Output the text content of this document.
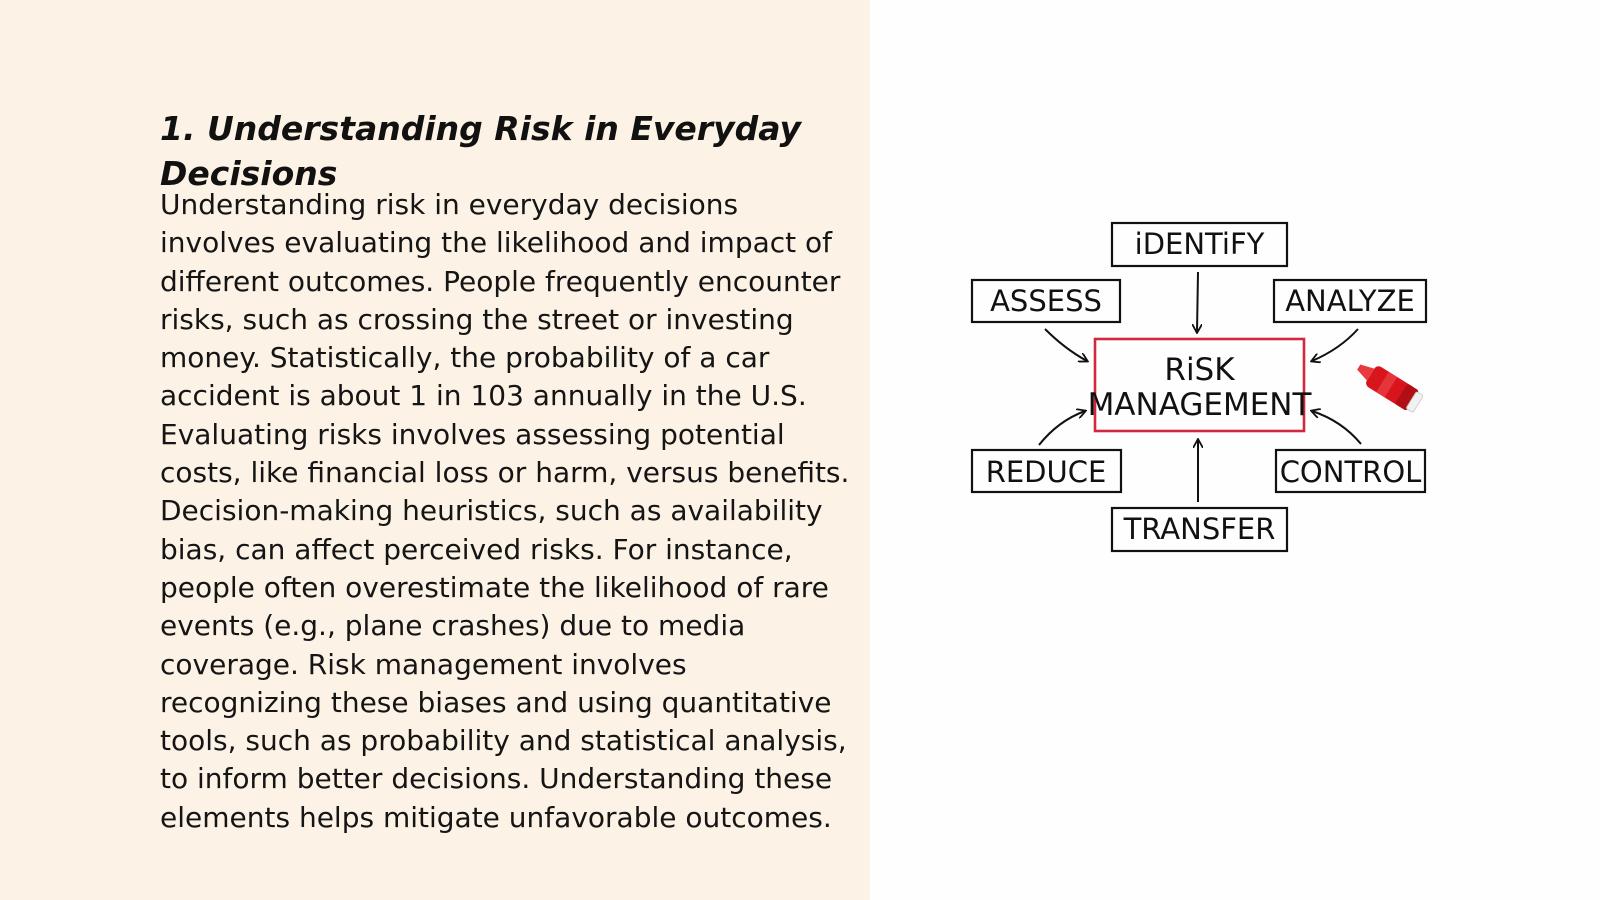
1. Understanding Risk in Everyday Decisions

Understanding risk in everyday decisions involves evaluating the likelihood and impact of different outcomes. People frequently encounter risks, such as crossing the street or investing money. Statistically, the probability of a car accident is about 1 in 103 annually in the U.S. Evaluating risks involves assessing potential costs, like financial loss or harm, versus benefits. Decision-making heuristics, such as availability bias, can affect perceived risks. For instance, people often overestimate the likelihood of rare events (e.g., plane crashes) due to media coverage. Risk management involves recognizing these biases and using quantitative tools, such as probability and statistical analysis, to inform better decisions. Understanding these elements helps mitigate unfavorable outcomes.

iDENTiFY
ASSESS	ANALYZE
RiSK
MANAGEMENT
REDUCE	CONTROL
TRANSFER
